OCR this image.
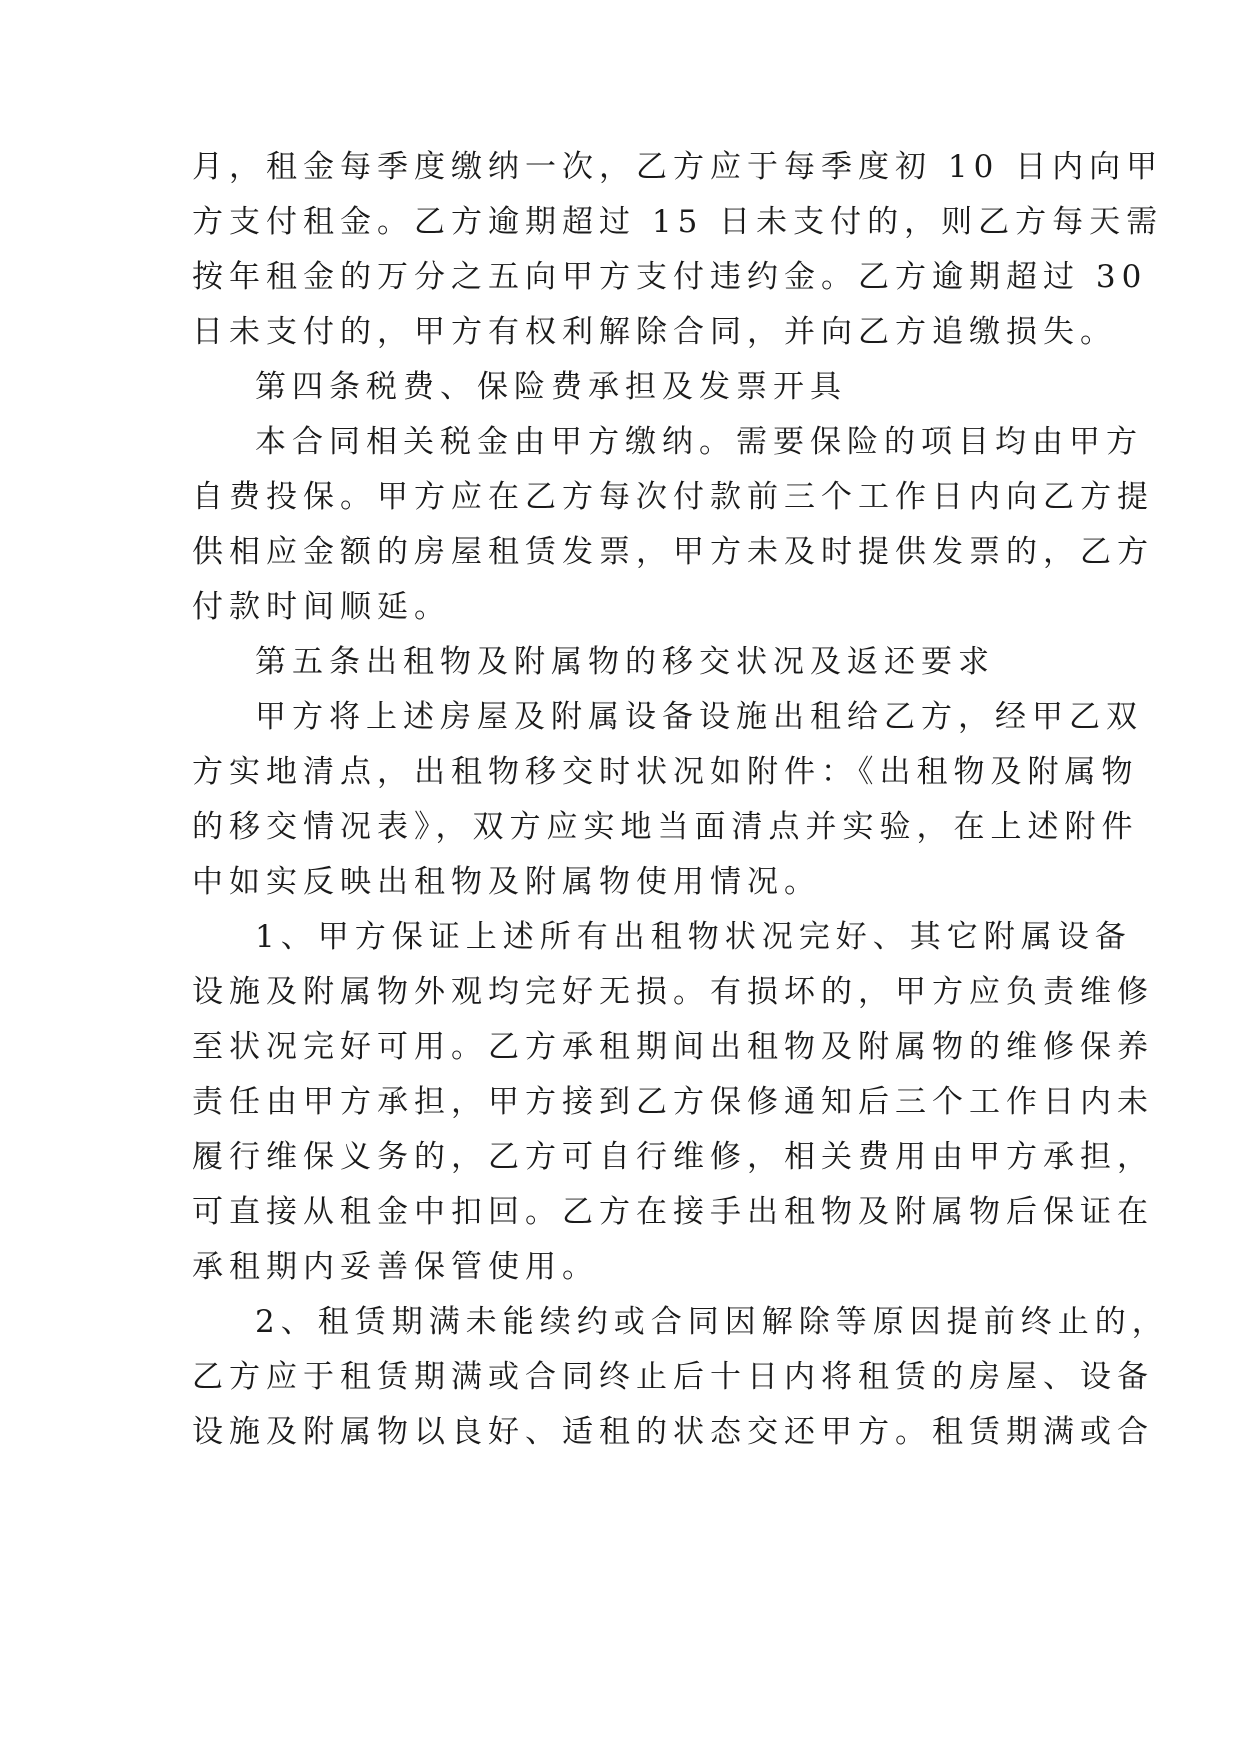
月，租金每季度缴纳一次，乙方应于每季度初 10 日内向甲
方支付租金。乙方逾期超过 15 日未支付的，则乙方每天需
按年租金的万分之五向甲方支付违约金。乙方逾期超过 30
日未支付的，甲方有权利解除合同，并向乙方追缴损失。
第四条税费、保险费承担及发票开具
本合同相关税金由甲方缴纳。需要保险的项目均由甲方
自费投保。甲方应在乙方每次付款前三个工作日内向乙方提
供相应金额的房屋租赁发票，甲方未及时提供发票的，乙方
付款时间顺延。
第五条出租物及附属物的移交状况及返还要求
甲方将上述房屋及附属设备设施出租给乙方，经甲乙双
方实地清点，出租物移交时状况如附件：《出租物及附属物
的移交情况表》，双方应实地当面清点并实验，在上述附件
中如实反映出租物及附属物使用情况。
1、甲方保证上述所有出租物状况完好、其它附属设备
设施及附属物外观均完好无损。有损坏的，甲方应负责维修
至状况完好可用。乙方承租期间出租物及附属物的维修保养
责任由甲方承担，甲方接到乙方保修通知后三个工作日内未
履行维保义务的，乙方可自行维修，相关费用由甲方承担，
可直接从租金中扣回。乙方在接手出租物及附属物后保证在
承租期内妥善保管使用。
2、租赁期满未能续约或合同因解除等原因提前终止的，
乙方应于租赁期满或合同终止后十日内将租赁的房屋、设备
设施及附属物以良好、适租的状态交还甲方。租赁期满或合
